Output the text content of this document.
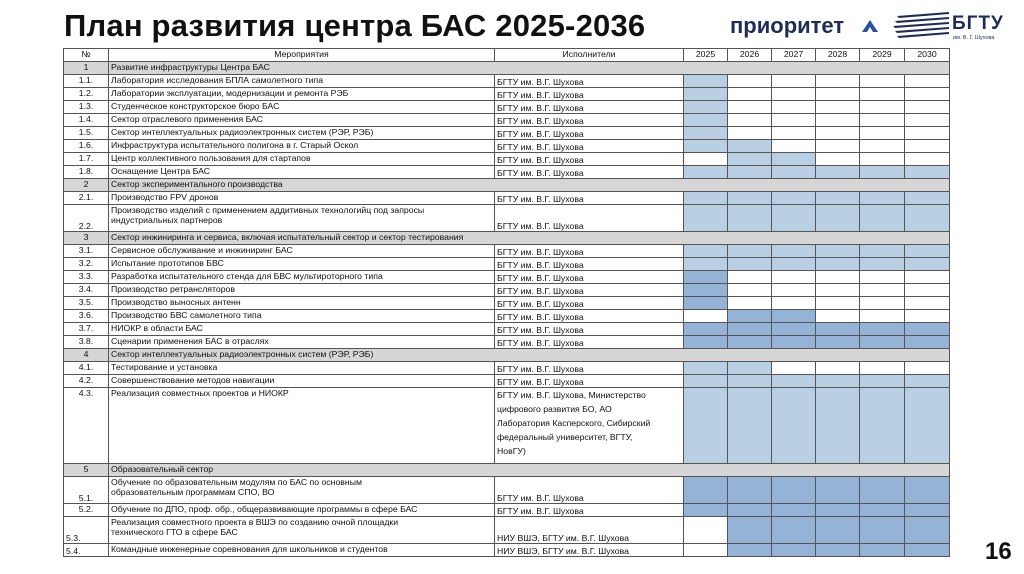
План развития центра БАС 2025-2036	приоритет	БГТУ
им. В. Г. Шухова
№	Мероприятия	Исполнители	2025	2026	2027	2028	2029	2030
1	Развитие инфраструктуры Центра БАС							
1.1.	Лаборатория исследования БПЛА самолетного типа	БГТУ им. В.Г. Шухова						
1.2.	Лаборатории эксплуатации, модернизации и ремонта РЭБ	БГТУ им. В.Г. Шухова						
1.3.	Студенческое конструкторское бюро БАС	БГТУ им. В.Г. Шухова						
1.4.	Сектор отраслевого применения БАС	БГТУ им. В.Г. Шухова						
1.5.	Сектор интеллектуальных радиоэлектронных систем (РЭР, РЭБ)	БГТУ им. В.Г. Шухова						
1.6.	Инфраструктура испытательного полигона в г. Старый Оскол	БГТУ им. В.Г. Шухова						
1.7.	Центр коллективного пользования для стартапов	БГТУ им. В.Г. Шухова						
1.8.	Оснащение Центра БАС	БГТУ им. В.Г. Шухова						
2	Сектор экспериментального производства							
2.1.	Производство FPV дронов	БГТУ им. В.Г. Шухова						
2.2.	Производство изделий с применением аддитивных технологийц под запросы
индустриальных партнеров	БГТУ им. В.Г. Шухова						
3	Сектор инжиниринга и сервиса, включая испытательный сектор и сектор тестирования							
3.1.	Сервисное обслуживание и инжиниринг БАС	БГТУ им. В.Г. Шухова						
3.2.	Испытание прототипов БВС	БГТУ им. В.Г. Шухова						
3.3.	Разработка испытательного стенда для БВС мультироторного типа	БГТУ им. В.Г. Шухова						
3.4.	Производство ретрансляторов	БГТУ им. В.Г. Шухова						
3.5.	Производство выносных антенн	БГТУ им. В.Г. Шухова						
3.6.	Производство БВС самолетного типа	БГТУ им. В.Г. Шухова						
3.7.	НИОКР в области БАС	БГТУ им. В.Г. Шухова						
3.8.	Сценарии применения БАС в отраслях	БГТУ им. В.Г. Шухова						
4	Сектор интеллектуальных радиоэлектронных систем (РЭР, РЭБ)							
4.1.	Тестирование и установка	БГТУ им. В.Г. Шухова						
4.2.	Совершенствование методов навигации	БГТУ им. В.Г. Шухова						
4.3.	Реализация совместных проектов и НИОКР	БГТУ им. В.Г. Шухова, Министерство
цифрового развития БО, АО
Лаборатория Касперского, Сибирский
федеральный университет, ВГТУ,
НовГУ)						

5	Образовательный сектор							
5.1.	Обучение по образовательным модулям по БАС по основным
образовательным программам СПО, ВО	БГТУ им. В.Г. Шухова						
5.2.	Обучение по ДПО, проф. обр., общеразвивающие программы в сфере БАС	БГТУ им. В.Г. Шухова						
5.3.	Реализация совместного проекта в ВШЭ по созданию очной площадки
технического ГТО в сфере БАС	НИУ ВШЭ, БГТУ им. В.Г. Шухова						
5.4.	Командные инженерные соревнования для школьников и студентов	НИУ ВШЭ, БГТУ им. В.Г. Шухова							16
